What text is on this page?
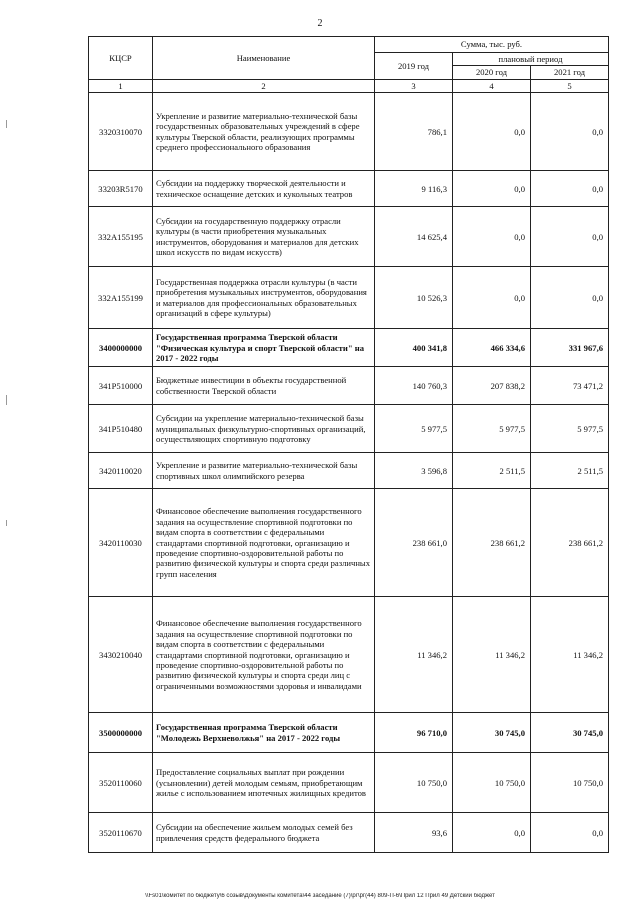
2
КЦСР	Наименование	Сумма, тыс. руб.		
		2019 год	плановый период	
			2020 год	2021 год
1	2	3	4	5
3320310070	Укрепление и развитие материально-технической базы государственных образовательных учреждений в сфере культуры Тверской области, реализующих программы среднего профессионального образования	786,1	0,0	0,0
33203R5170	Субсидии на поддержку творческой деятельности и техническое оснащение детских и кукольных театров	9 116,3	0,0	0,0
332A155195	Субсидии на государственную поддержку отрасли культуры (в части приобретения музыкальных инструментов, оборудования и материалов для детских школ искусств по видам искусств)	14 625,4	0,0	0,0
332A155199	Государственная поддержка отрасли культуры (в части приобретения музыкальных инструментов, оборудования и материалов для профессиональных образовательных организаций в сфере культуры)	10 526,3	0,0	0,0
3400000000	Государственная программа Тверской области "Физическая культура и спорт Тверской области" на 2017 - 2022 годы	400 341,8	466 334,6	331 967,6
341P510000	Бюджетные инвестиции в объекты государственной собственности Тверской области	140 760,3	207 838,2	73 471,2
341P510480	Субсидии на укрепление материально-технической базы муниципальных физкультурно-спортивных организаций, осуществляющих спортивную подготовку	5 977,5	5 977,5	5 977,5
3420110020	Укрепление и развитие материально-технической базы спортивных школ олимпийского резерва	3 596,8	2 511,5	2 511,5
3420110030	Финансовое обеспечение выполнения государственного задания на осуществление спортивной подготовки по видам спорта в соответствии с федеральными стандартами спортивной подготовки, организацию и проведение спортивно-оздоровительной работы по развитию физической культуры и спорта среди различных групп населения	238 661,0	238 661,2	238 661,2
3430210040	Финансовое обеспечение выполнения государственного задания на осуществление спортивной подготовки по видам спорта в соответствии с федеральными стандартами спортивной подготовки, организацию и проведение спортивно-оздоровительной работы по развитию физической культуры и спорта среди лиц с ограниченными возможностями здоровья и инвалидами	11 346,2	11 346,2	11 346,2
3500000000	Государственная программа Тверской области "Молодежь Верхневолжья" на 2017 - 2022 годы	96 710,0	30 745,0	30 745,0
3520110060	Предоставление социальных выплат при рождении (усыновлении) детей молодым семьям, приобретающим жилье с использованием ипотечных жилищных кредитов	10 750,0	10 750,0	10 750,0
3520110670	Субсидии на обеспечение жильем молодых семей без привлечения средств федерального бюджета	93,6	0,0	0,0
\\Fs01\комитет по бюджету\6 созыв\Документы комитета\44 заседание (7)\рг\рг(44) 809-П-6\Прил 12 Прил 49 Детский бюджет
